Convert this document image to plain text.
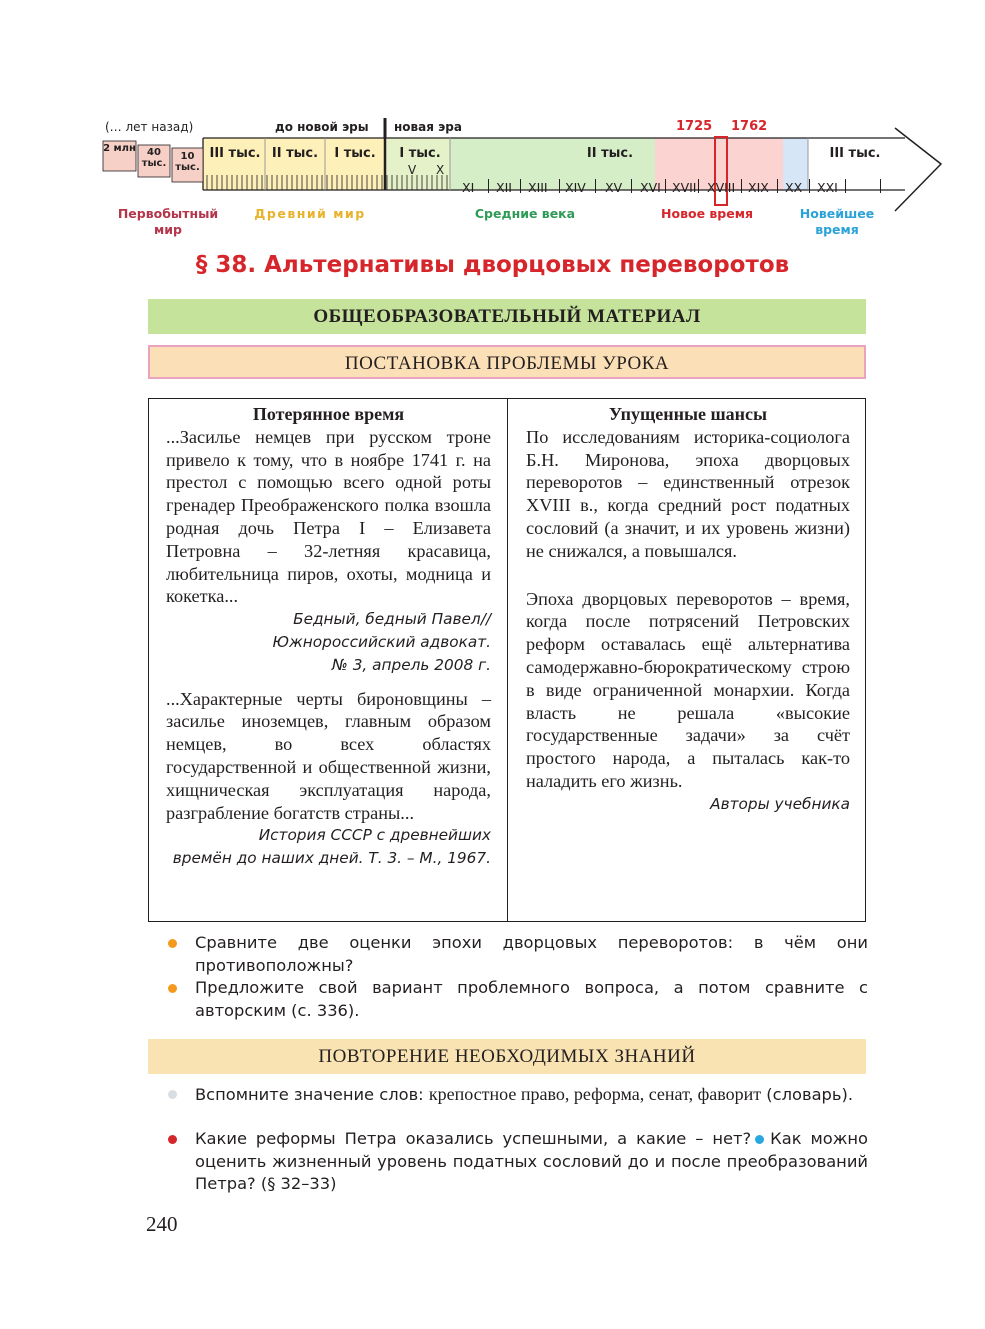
(… лет назад)	до новой эры новая эра	1725 1762
2 млн	40 тыс.
10 тыс.
III тыс. II тыс.	I тыс.	I тыс.	II тыс.	III тыс.
V X
XI XII XIII XIV XV XVI XVII XVIII XIX XX XXI
Первобытный мир
Древний мир	Средние века	Новое время	Новейшее время
§ 38. Альтернативы дворцовых переворотов
ОБЩЕОБРАЗОВАТЕЛЬНЫЙ МАТЕРИАЛ
ПОСТАНОВКА ПРОБЛЕМЫ УРОКА
Потерянное время

...Засилье немцев при русском троне привело к тому, что в ноябре 1741 г. на престол с помощью всего одной роты гренадер Преображенского полка взошла родная дочь Петра I – Елизавета Петровна – 32-летняя красавица, любительница пиров, охоты, модница и кокетка...

Бедный, бедный Павел//
Южнороссийский адвокат.
№ 3, апрель 2008 г.

...Характерные черты бироновщины – засилье иноземцев, главным образом немцев, во всех областях государственной и общественной жизни, хищническая эксплуатация народа, разграбление богатств страны...

История СССР с древнейших
времён до наших дней. Т. 3. – М., 1967.
Упущенные шансы

По исследованиям историка-социолога Б.Н. Миронова, эпоха дворцовых переворотов – единственный отрезок XVIII в., когда средний рост податных сословий (а значит, и их уровень жизни) не снижался, а повышался.

Эпоха дворцовых переворотов – время, когда после потрясений Петровских реформ оставалась ещё альтернатива самодержавно-бюрократическому строю в виде ограниченной монархии. Когда власть не решала «высокие государственные задачи» за счёт простого народа, а пыталась как-то наладить его жизнь.

Авторы учебника
Сравните две оценки эпохи дворцовых переворотов: в чём они противоположны?
Предложите свой вариант проблемного вопроса, а потом сравните с авторским (с. 336).
ПОВТОРЕНИЕ НЕОБХОДИМЫХ ЗНАНИЙ
Вспомните значение слов: крепостное право, реформа, сенат, фаворит (словарь).
Какие реформы Петра оказались успешными, а какие – нет? Как можно оценить жизненный уровень податных сословий до и после преобразований Петра? (§ 32–33)
240
